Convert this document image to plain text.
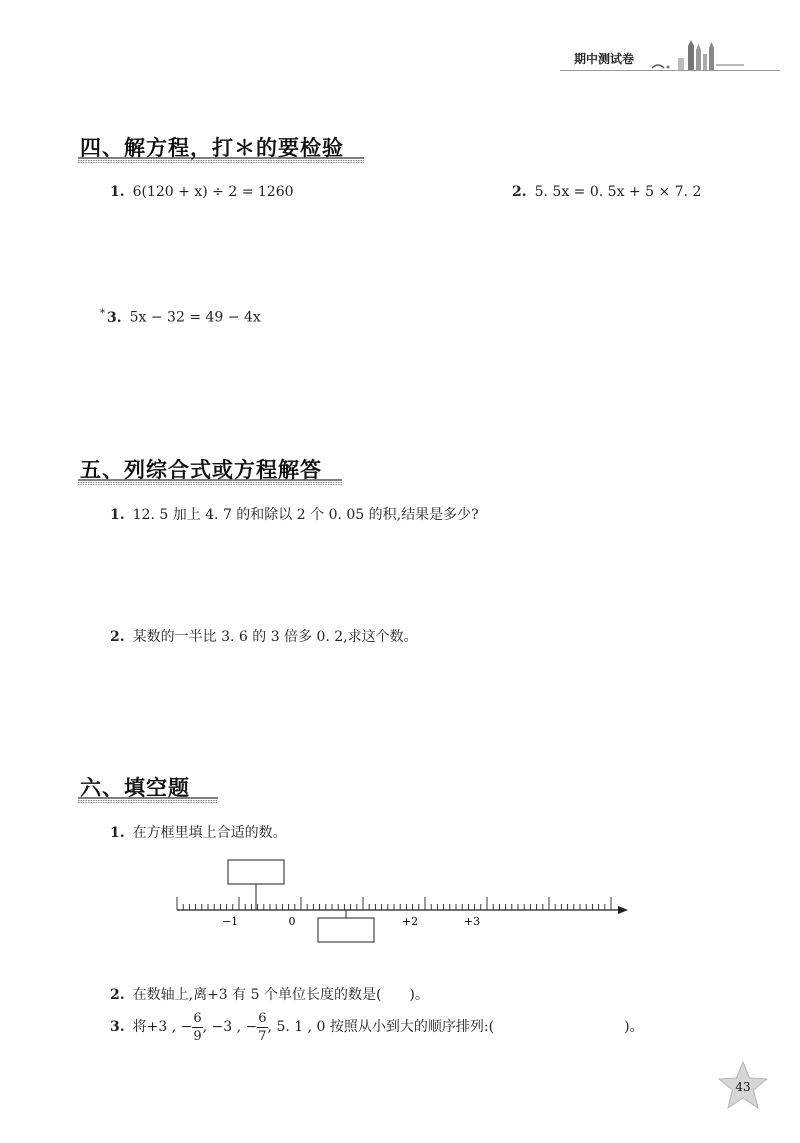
期中测试卷
四、解方程，打＊的要检验
1. 6(120 + x) ÷ 2 = 1260	2. 5. 5x = 0. 5x + 5 × 7. 2
* 3. 5x − 32 = 49 − 4x
五、列综合式或方程解答
1. 12. 5 加上 4. 7 的和除以 2 个 0. 05 的积,结果是多少?
2. 某数的一半比 3. 6 的 3 倍多 0. 2,求这个数。
六、填空题
1. 在方框里填上合适的数。
−1	0	+2	+3
2. 在数轴上,离+3 有 5 个单位长度的数是(　　)。
3. 将+3 , − $\frac{6}{9}$ , −3 , − $\frac{6}{7}$ , 5. 1 , 0 按照从小到大的顺序排列:(	)。
43
